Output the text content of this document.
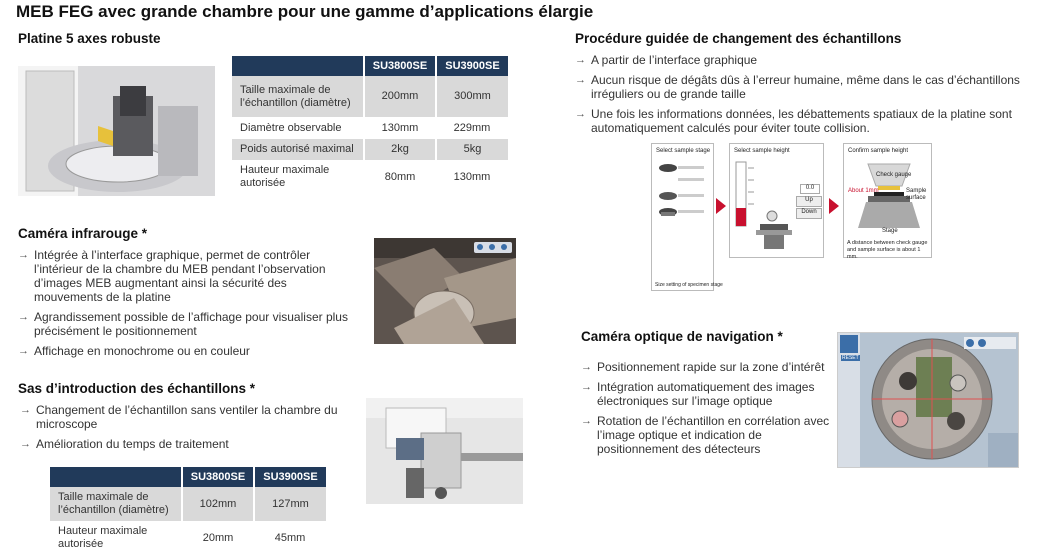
MEB FEG avec grande chambre pour une gamme d’applications élargie
Platine 5 axes robuste
	SU3800SE	SU3900SE
Taille maximale de l’échantillon (diamètre)	200mm	300mm
Diamètre observable	130mm	229mm
Poids autorisé maximal	2kg	5kg
Hauteur maximale autorisée	80mm	130mm
Caméra infrarouge *
→ Intégrée à l’interface graphique, permet de contrôler l’intérieur de la chambre du MEB pendant l’observation d’images MEB augmentant ainsi la sécurité des mouvements de la platine
→ Agrandissement possible de l’affichage pour visualiser plus précisément le positionnement
→ Affichage en monochrome ou en couleur
Sas d’introduction des échantillons *
→ Changement de l’échantillon sans ventiler la chambre du microscope
→ Amélioration du temps de traitement
	SU3800SE	SU3900SE
Taille maximale de l’échantillon (diamètre)	102mm	127mm
Hauteur maximale autorisée	20mm	45mm
Procédure guidée de changement des échantillons
→ A partir de l’interface graphique
→ Aucun risque de dégâts dûs à l’erreur humaine, même dans le cas d’échantillons irréguliers ou de grande taille
→ Une fois les informations données, les débattements spatiaux de la platine sont automatiquement calculés pour éviter toute collision.
Select sample stage
Size setting of specimen stage
Select sample height
0.0
Up
Down
Confirm sample height
Check gauge
About 1mm	Sample surface
Stage
A distance between check gauge and sample surface is about 1 mm.
Caméra optique de navigation *
→ Positionnement rapide sur la zone d’intérêt
→ Intégration automatiquement des images électroniques sur l’image optique
→ Rotation de l’échantillon en corrélation avec l’image optique et indication de positionnement des détecteurs
RESET
